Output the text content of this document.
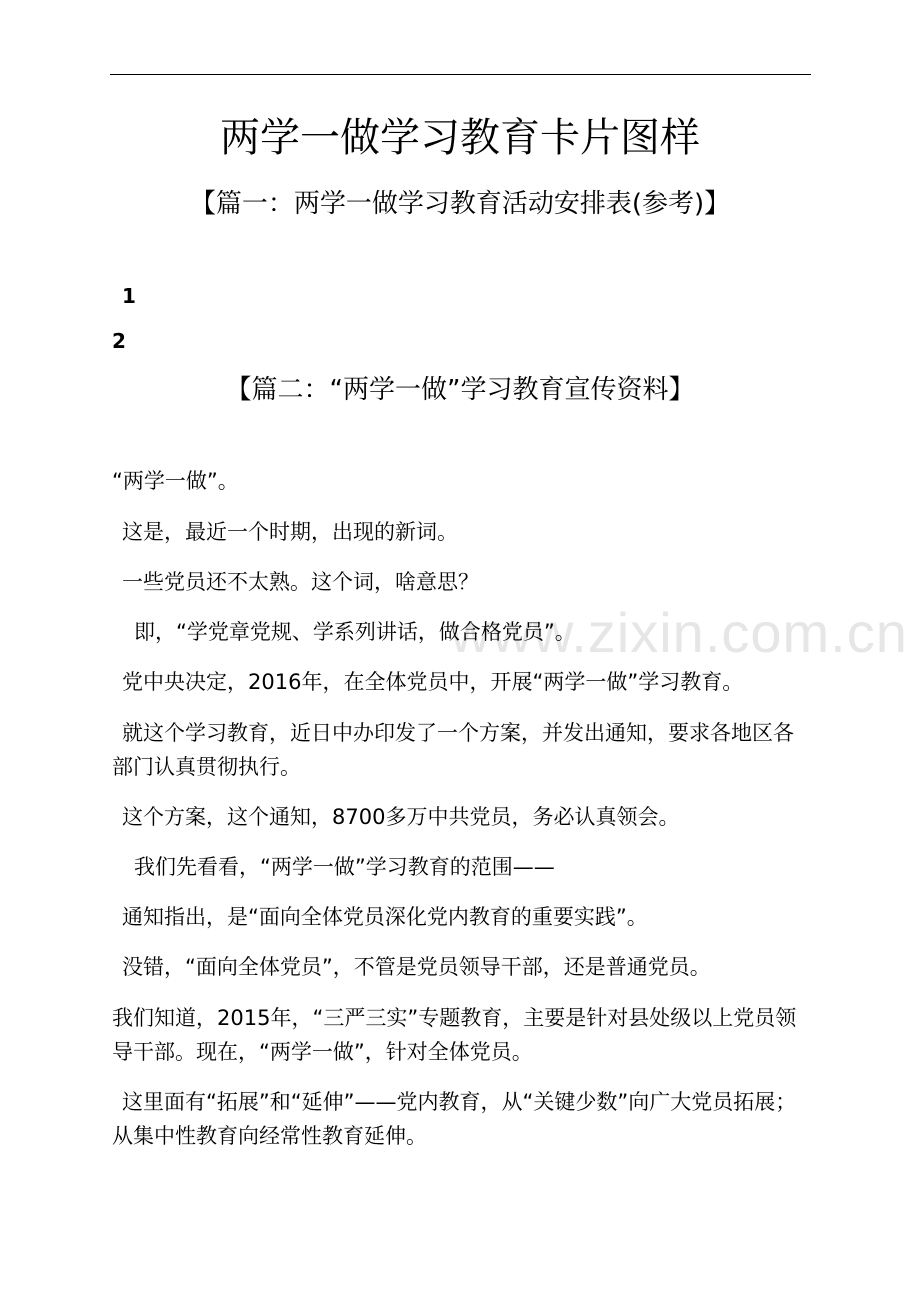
www.zixin.com.cn
两学一做学习教育卡片图样
【篇一：两学一做学习教育活动安排表(参考)】
1
2
【篇二：“两学一做”学习教育宣传资料】

“两学一做”。

这是，最近一个时期，出现的新词。

一些党员还不太熟。这个词，啥意思？

即，“学党章党规、学系列讲话，做合格党员”。

党中央决定，2016年，在全体党员中，开展“两学一做”学习教育。

就这个学习教育，近日中办印发了一个方案，并发出通知，要求各地区各部门认真贯彻执行。

这个方案，这个通知，8700多万中共党员，务必认真领会。

我们先看看，“两学一做”学习教育的范围——

通知指出，是“面向全体党员深化党内教育的重要实践”。

没错，“面向全体党员”，不管是党员领导干部，还是普通党员。

我们知道，2015年，“三严三实”专题教育，主要是针对县处级以上党员领导干部。现在，“两学一做”，针对全体党员。

这里面有“拓展”和“延伸”——党内教育，从“关键少数”向广大党员拓展；从集中性教育向经常性教育延伸。
